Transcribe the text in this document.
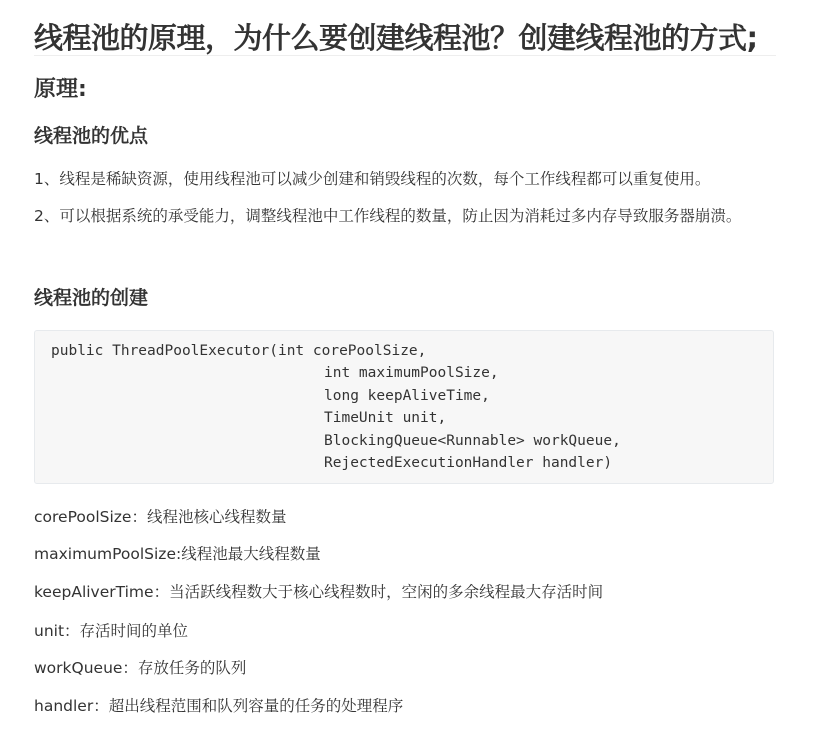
线程池的原理，为什么要创建线程池？创建线程池的方式;
原理:
线程池的优点
1、线程是稀缺资源，使用线程池可以减少创建和销毁线程的次数，每个工作线程都可以重复使用。
2、可以根据系统的承受能力，调整线程池中工作线程的数量，防止因为消耗过多内存导致服务器崩溃。
线程池的创建
public ThreadPoolExecutor(int corePoolSize,
int maximumPoolSize,
long keepAliveTime,
TimeUnit unit,
BlockingQueue<Runnable> workQueue,
RejectedExecutionHandler handler)
corePoolSize：线程池核心线程数量
maximumPoolSize:线程池最大线程数量
keepAliverTime：当活跃线程数大于核心线程数时，空闲的多余线程最大存活时间
unit：存活时间的单位
workQueue：存放任务的队列
handler：超出线程范围和队列容量的任务的处理程序
